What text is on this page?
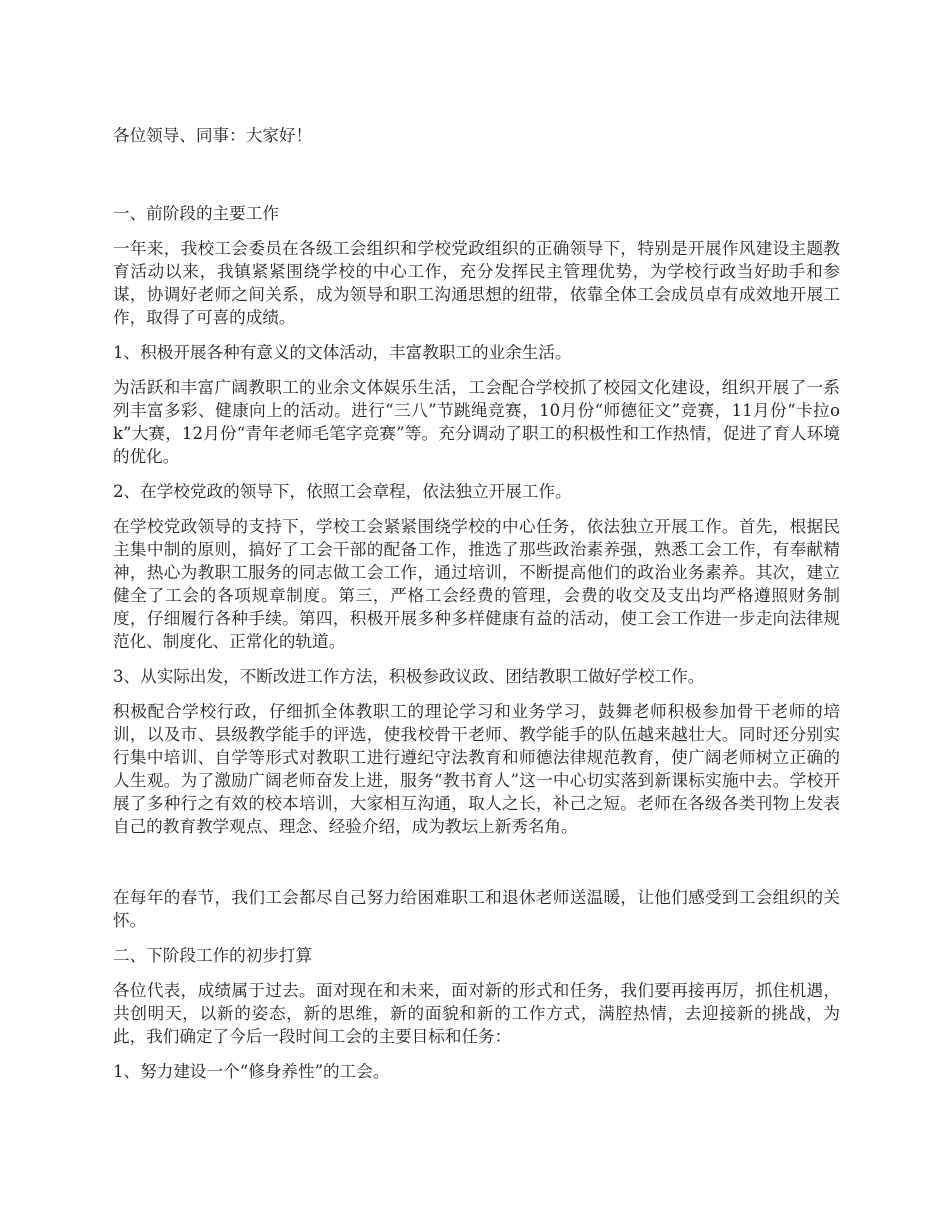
各位领导、同事：大家好！

一、前阶段的主要工作

一年来，我校工会委员在各级工会组织和学校党政组织的正确领导下，特别是开展作风建设主题教育活动以来，我镇紧紧围绕学校的中心工作，充分发挥民主管理优势，为学校行政当好助手和参谋，协调好老师之间关系，成为领导和职工沟通思想的纽带，依靠全体工会成员卓有成效地开展工作，取得了可喜的成绩。

1、积极开展各种有意义的文体活动，丰富教职工的业余生活。

为活跃和丰富广阔教职工的业余文体娱乐生活，工会配合学校抓了校园文化建设，组织开展了一系列丰富多彩、健康向上的活动。进行“三八”节跳绳竞赛，10月份“师德征文”竞赛，11月份“卡拉ok”大赛，12月份“青年老师毛笔字竞赛”等。充分调动了职工的积极性和工作热情，促进了育人环境的优化。

2、在学校党政的领导下，依照工会章程，依法独立开展工作。

在学校党政领导的支持下，学校工会紧紧围绕学校的中心任务，依法独立开展工作。首先，根据民主集中制的原则，搞好了工会干部的配备工作，推选了那些政治素养强，熟悉工会工作，有奉献精神，热心为教职工服务的同志做工会工作，通过培训，不断提高他们的政治业务素养。其次，建立健全了工会的各项规章制度。第三，严格工会经费的管理，会费的收交及支出均严格遵照财务制度，仔细履行各种手续。第四，积极开展多种多样健康有益的活动，使工会工作进一步走向法律规范化、制度化、正常化的轨道。

3、从实际出发，不断改进工作方法，积极参政议政、团结教职工做好学校工作。

积极配合学校行政，仔细抓全体教职工的理论学习和业务学习，鼓舞老师积极参加骨干老师的培训，以及市、县级教学能手的评选，使我校骨干老师、教学能手的队伍越来越壮大。同时还分别实行集中培训、自学等形式对教职工进行遵纪守法教育和师德法律规范教育，使广阔老师树立正确的人生观。为了激励广阔老师奋发上进，服务“教书育人”这一中心切实落到新课标实施中去。学校开展了多种行之有效的校本培训，大家相互沟通，取人之长，补己之短。老师在各级各类刊物上发表自己的教育教学观点、理念、经验介绍，成为教坛上新秀名角。

在每年的春节，我们工会都尽自己努力给困难职工和退休老师送温暖，让他们感受到工会组织的关怀。

二、下阶段工作的初步打算

各位代表，成绩属于过去。面对现在和未来，面对新的形式和任务，我们要再接再厉，抓住机遇，共创明天，以新的姿态，新的思维，新的面貌和新的工作方式，满腔热情，去迎接新的挑战，为此，我们确定了今后一段时间工会的主要目标和任务：

1、努力建设一个“修身养性”的工会。
